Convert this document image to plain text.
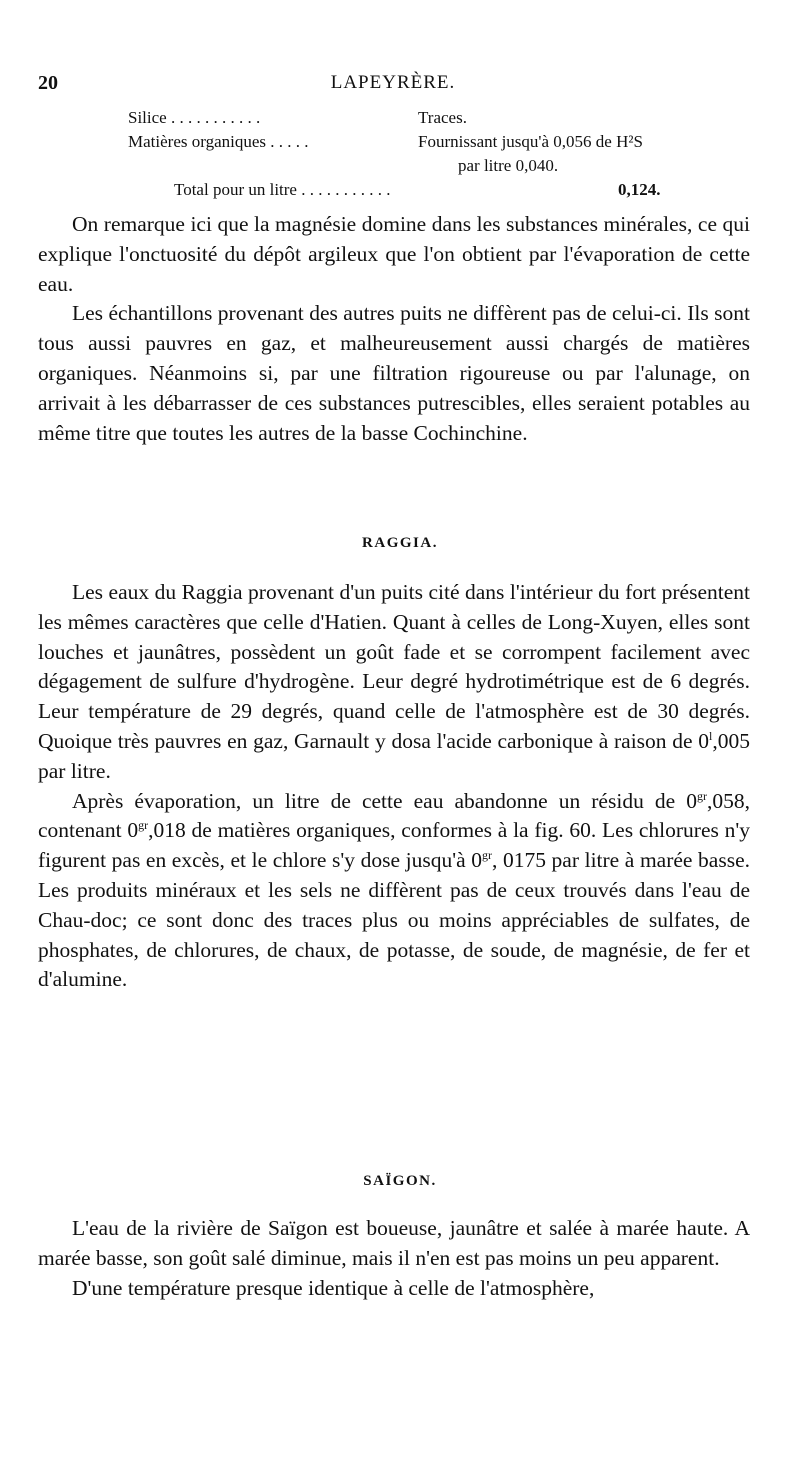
20	LAPEYRÈRE.
Silice . . . . . . . . . . .	Traces.
Matières organiques . . . . .	Fournissant jusqu'à 0,056 de H²S
par litre 0,040.
Total pour un litre . . . . . . . . . . .	0,124.

On remarque ici que la magnésie domine dans les substances minérales, ce qui explique l'onctuosité du dépôt argileux que l'on obtient par l'évaporation de cette eau.

Les échantillons provenant des autres puits ne diffèrent pas de celui-ci. Ils sont tous aussi pauvres en gaz, et malheureusement aussi chargés de matières organiques. Néanmoins si, par une filtration rigoureuse ou par l'alunage, on arrivait à les débarrasser de ces substances putrescibles, elles seraient potables au même titre que toutes les autres de la basse Cochinchine.

RAGGIA.

Les eaux du Raggia provenant d'un puits cité dans l'intérieur du fort présentent les mêmes caractères que celle d'Hatien. Quant à celles de Long-Xuyen, elles sont louches et jaunâtres, possèdent un goût fade et se corrompent facilement avec dégagement de sulfure d'hydrogène. Leur degré hydrotimétrique est de 6 degrés. Leur température de 29 degrés, quand celle de l'atmosphère est de 30 degrés. Quoique très pauvres en gaz, Garnault y dosa l'acide carbonique à raison de 0$^l$,005 par litre.

Après évaporation, un litre de cette eau abandonne un résidu de $0^{gr},058$, contenant $0^{gr},018$ de matières organiques, conformes à la fig. 60. Les chlorures n'y figurent pas en excès, et le chlore s'y dose jusqu'à $0^{gr}$, 0175 par litre à marée basse. Les produits minéraux et les sels ne diffèrent pas de ceux trouvés dans l'eau de Chau-doc; ce sont donc des traces plus ou moins appréciables de sulfates, de phosphates, de chlorures, de chaux, de potasse, de soude, de magnésie, de fer et d'alumine.

SAÏGON.

L'eau de la rivière de Saïgon est boueuse, jaunâtre et salée à marée haute. A marée basse, son goût salé diminue, mais il n'en est pas moins un peu apparent.

D'une température presque identique à celle de l'atmosphère,
